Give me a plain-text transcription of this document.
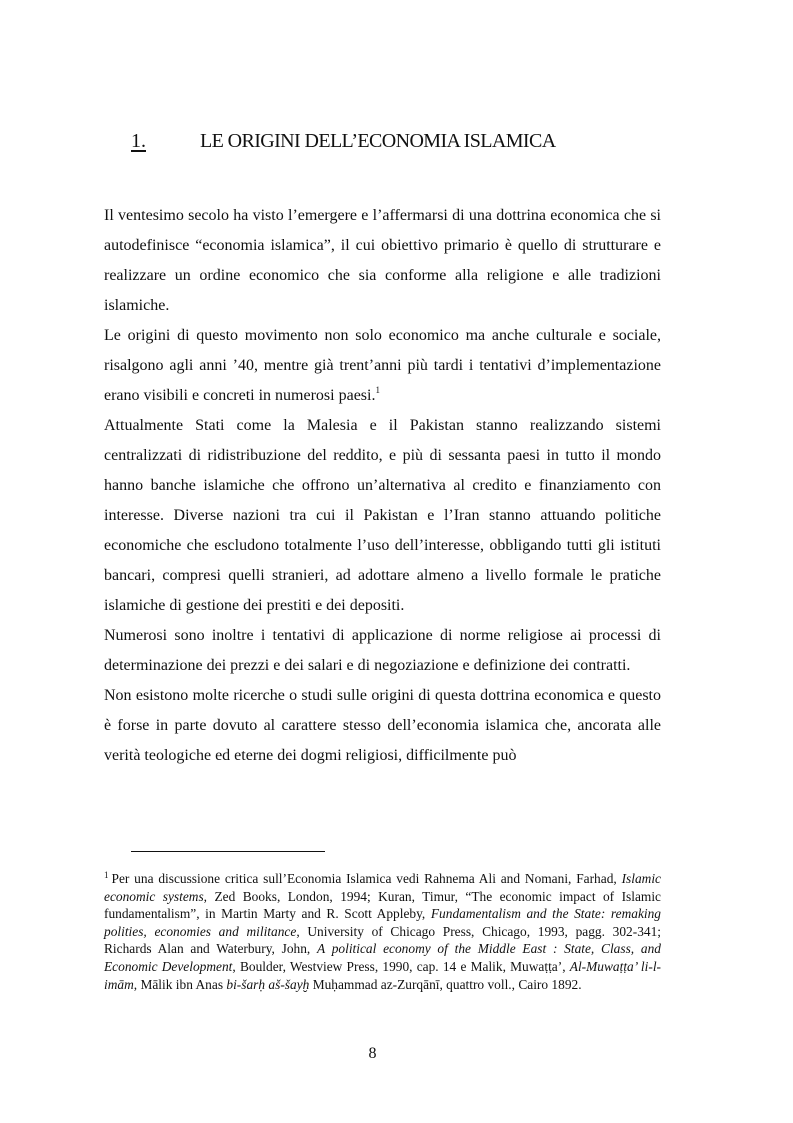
1.	LE ORIGINI DELL’ECONOMIA ISLAMICA

Il ventesimo secolo ha visto l’emergere e l’affermarsi di una dottrina economica che si autodefinisce “economia islamica”, il cui obiettivo primario è quello di strutturare e realizzare un ordine economico che sia conforme alla religione e alle tradizioni islamiche.

Le origini di questo movimento non solo economico ma anche culturale e sociale, risalgono agli anni ’40, mentre già trent’anni più tardi i tentativi d’implementazione erano visibili e concreti in numerosi paesi.$^1$

Attualmente Stati come la Malesia e il Pakistan stanno realizzando sistemi centralizzati di ridistribuzione del reddito, e più di sessanta paesi in tutto il mondo hanno banche islamiche che offrono un’alternativa al credito e finanziamento con interesse. Diverse nazioni tra cui il Pakistan e l’Iran stanno attuando politiche economiche che escludono totalmente l’uso dell’interesse, obbligando tutti gli istituti bancari, compresi quelli stranieri, ad adottare almeno a livello formale le pratiche islamiche di gestione dei prestiti e dei depositi.

Numerosi sono inoltre i tentativi di applicazione di norme religiose ai processi di determinazione dei prezzi e dei salari e di negoziazione e definizione dei contratti.

Non esistono molte ricerche o studi sulle origini di questa dottrina economica e questo è forse in parte dovuto al carattere stesso dell’economia islamica che, ancorata alle verità teologiche ed eterne dei dogmi religiosi, difficilmente può

$^1$ Per una discussione critica sull’Economia Islamica vedi Rahnema Ali and Nomani, Farhad, Islamic economic systems, Zed Books, London, 1994; Kuran, Timur, “The economic impact of Islamic fundamentalism”, in Martin Marty and R. Scott Appleby, Fundamentalism and the State: remaking polities, economies and militance, University of Chicago Press, Chicago, 1993, pagg. 302-341; Richards Alan and Waterbury, John, A political economy of the Middle East : State, Class, and Economic Development, Boulder, Westview Press, 1990, cap. 14 e Malik, Muwaṭṭa’, Al-Muwaṭṭa’ li-l-imām, Mālik ibn Anas bi-šarḥ aš-šayḫ Muḥammad az-Zurqānī, quattro voll., Cairo 1892.
8
